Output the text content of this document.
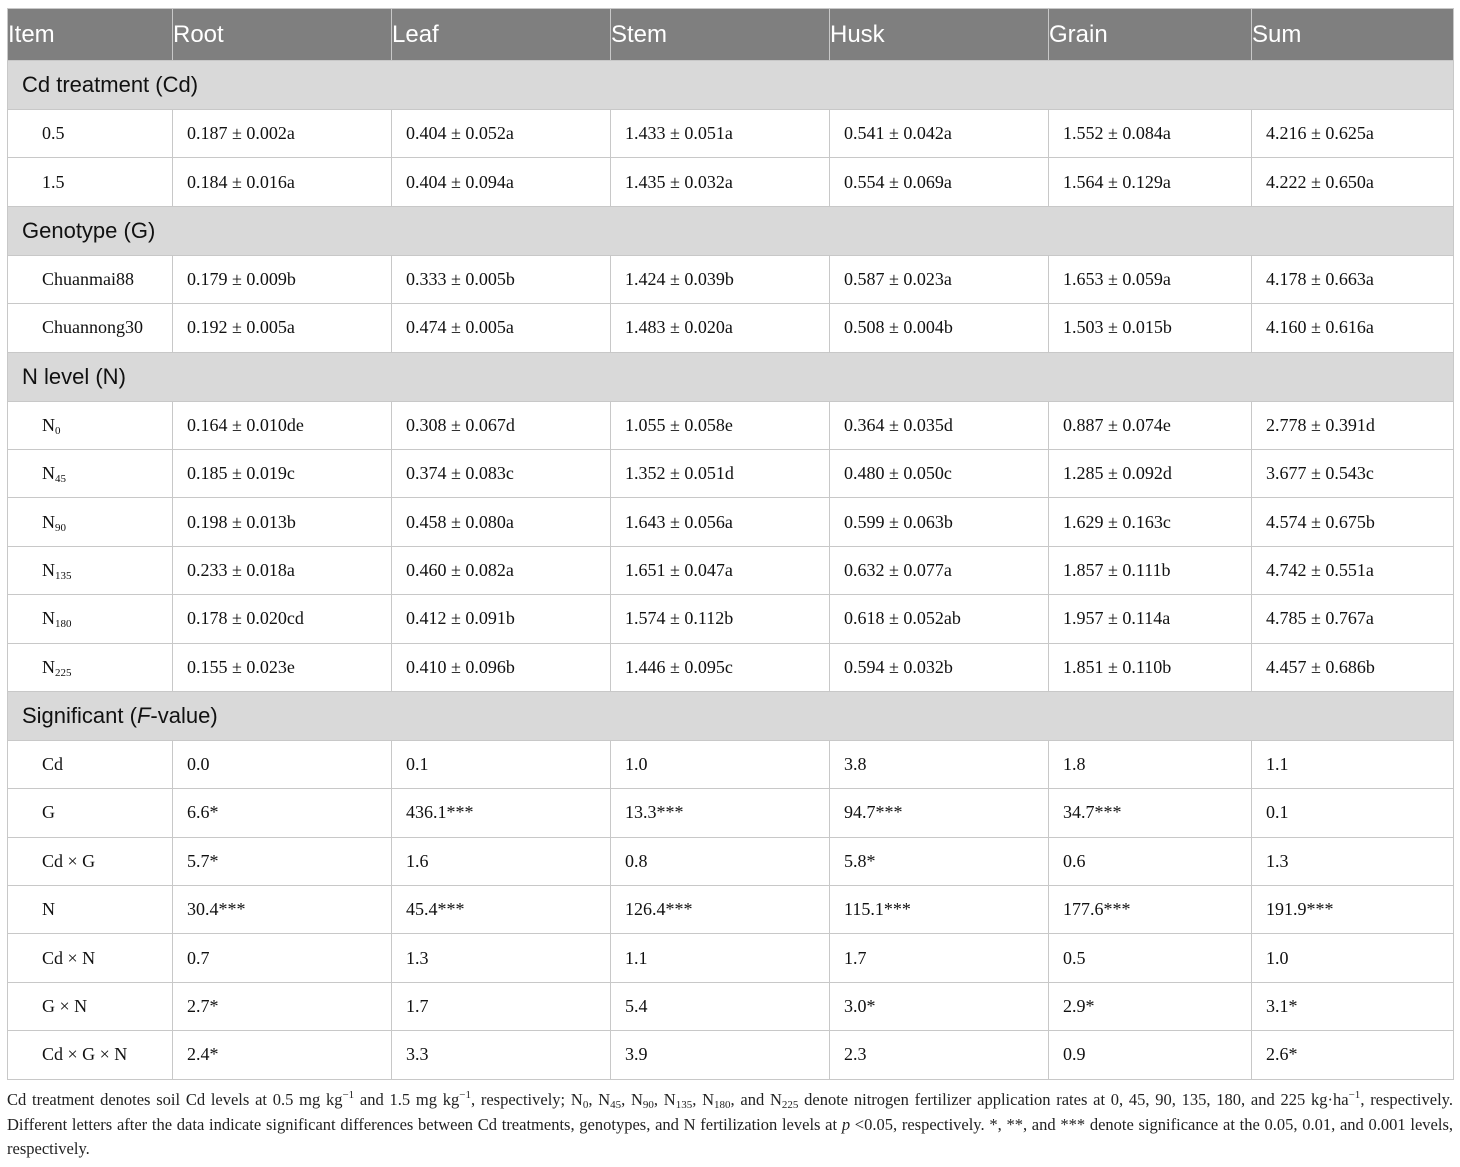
Item	Root	Leaf	Stem	Husk	Grain	Sum
Cd treatment (Cd)						
0.5	0.187 ± 0.002a	0.404 ± 0.052a	1.433 ± 0.051a	0.541 ± 0.042a	1.552 ± 0.084a	4.216 ± 0.625a
1.5	0.184 ± 0.016a	0.404 ± 0.094a	1.435 ± 0.032a	0.554 ± 0.069a	1.564 ± 0.129a	4.222 ± 0.650a
Genotype (G)						
Chuanmai88	0.179 ± 0.009b	0.333 ± 0.005b	1.424 ± 0.039b	0.587 ± 0.023a	1.653 ± 0.059a	4.178 ± 0.663a
Chuannong30	0.192 ± 0.005a	0.474 ± 0.005a	1.483 ± 0.020a	0.508 ± 0.004b	1.503 ± 0.015b	4.160 ± 0.616a
N level (N)						
$N_0$	0.164 ± 0.010de	0.308 ± 0.067d	1.055 ± 0.058e	0.364 ± 0.035d	0.887 ± 0.074e	2.778 ± 0.391d
$N_{45}$	0.185 ± 0.019c	0.374 ± 0.083c	1.352 ± 0.051d	0.480 ± 0.050c	1.285 ± 0.092d	3.677 ± 0.543c
$N_{90}$	0.198 ± 0.013b	0.458 ± 0.080a	1.643 ± 0.056a	0.599 ± 0.063b	1.629 ± 0.163c	4.574 ± 0.675b
$N_{135}$	0.233 ± 0.018a	0.460 ± 0.082a	1.651 ± 0.047a	0.632 ± 0.077a	1.857 ± 0.111b	4.742 ± 0.551a
$N_{180}$	0.178 ± 0.020cd	0.412 ± 0.091b	1.574 ± 0.112b	0.618 ± 0.052ab	1.957 ± 0.114a	4.785 ± 0.767a
$N_{225}$	0.155 ± 0.023e	0.410 ± 0.096b	1.446 ± 0.095c	0.594 ± 0.032b	1.851 ± 0.110b	4.457 ± 0.686b
Significant (F-value)						
Cd	0.0	0.1	1.0	3.8	1.8	1.1
G	6.6*	436.1***	13.3***	94.7***	34.7***	0.1
Cd × G	5.7*	1.6	0.8	5.8*	0.6	1.3
N	30.4***	45.4***	126.4***	115.1***	177.6***	191.9***
Cd × N	0.7	1.3	1.1	1.7	0.5	1.0
G × N	2.7*	1.7	5.4	3.0*	2.9*	3.1*
Cd × G × N	2.4*	3.3	3.9	2.3	0.9	2.6*
Cd treatment denotes soil Cd levels at 0.5 mg $kg^{-1}$ and 1.5 mg $kg^{-1}$, respectively; $N_0$, $N_{45}$, $N_{90}$, $N_{135}$, $N_{180}$, and $N_{225}$ denote nitrogen fertilizer application rates at 0, 45, 90, 135, 180, and 225 $kg\cdot ha^{-1}$, respectively. Different letters after the data indicate significant differences between Cd treatments, genotypes, and N fertilization levels at p <0.05, respectively. *, **, and *** denote significance at the 0.05, 0.01, and 0.001 levels, respectively.
